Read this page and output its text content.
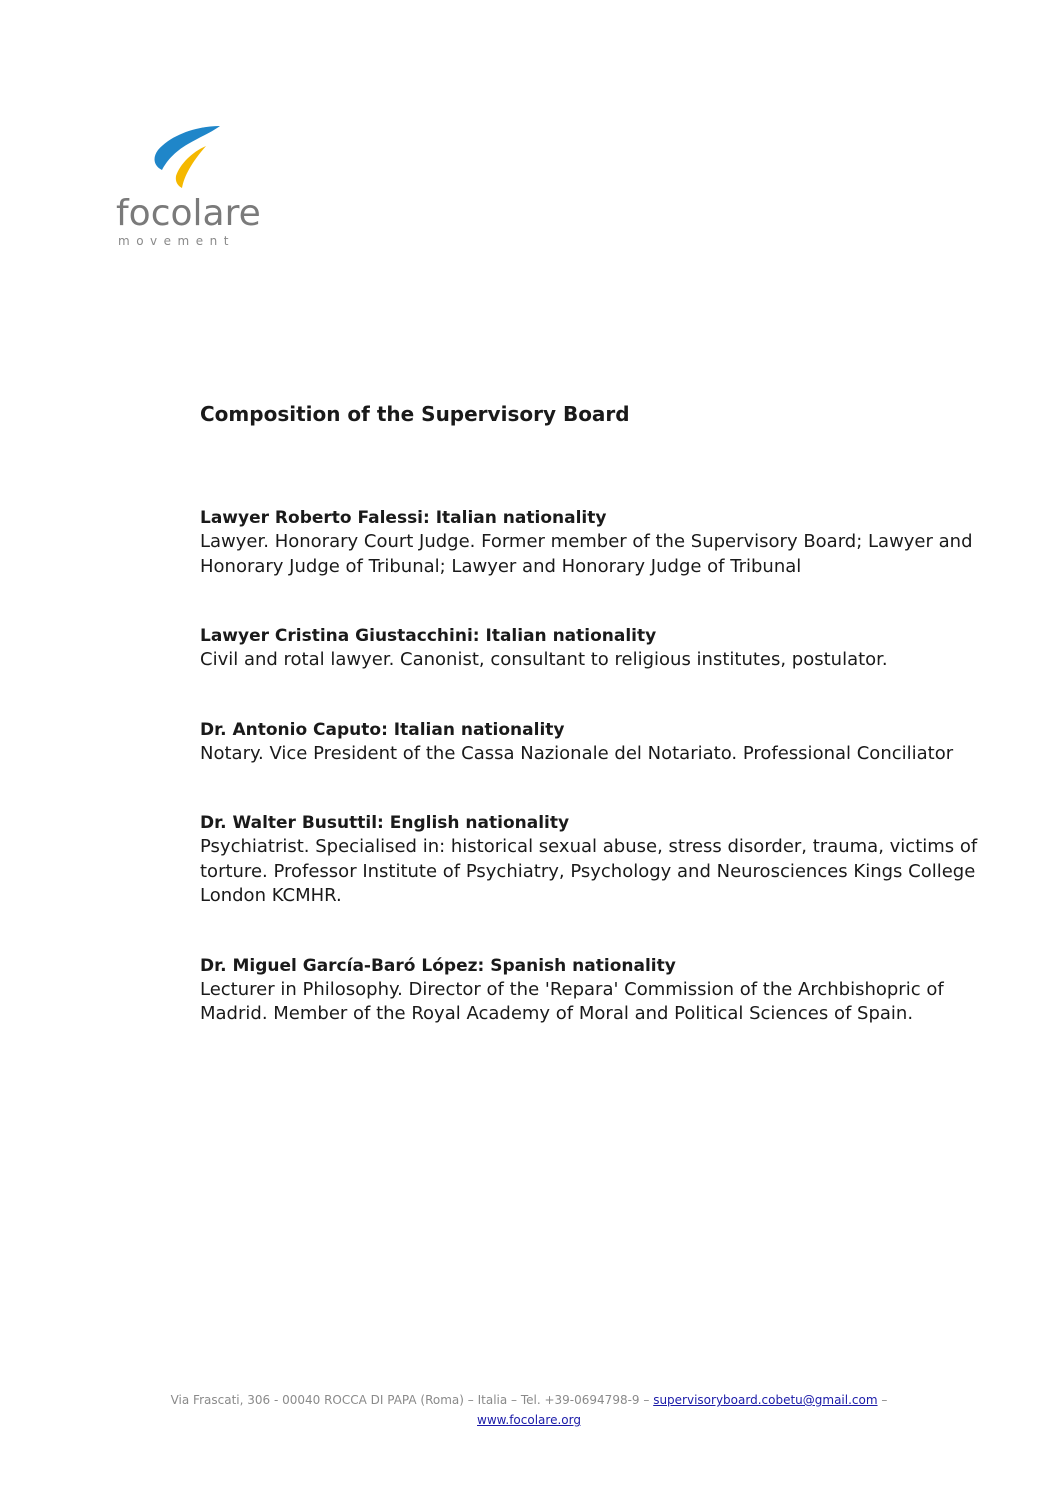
focolare
movement
Composition of the Supervisory Board

Lawyer Roberto Falessi: Italian nationality

Lawyer. Honorary Court Judge. Former member of the Supervisory Board; Lawyer and Honorary Judge of Tribunal; Lawyer and Honorary Judge of Tribunal

Lawyer Cristina Giustacchini: Italian nationality

Civil and rotal lawyer. Canonist, consultant to religious institutes, postulator.

Dr. Antonio Caputo: Italian nationality

Notary. Vice President of the Cassa Nazionale del Notariato. Professional Conciliator

Dr. Walter Busuttil: English nationality

Psychiatrist. Specialised in: historical sexual abuse, stress disorder, trauma, victims of torture. Professor Institute of Psychiatry, Psychology and Neurosciences Kings College London KCMHR.

Dr. Miguel García-Baró López: Spanish nationality

Lecturer in Philosophy. Director of the 'Repara' Commission of the Archbishopric of Madrid. Member of the Royal Academy of Moral and Political Sciences of Spain.

Via Frascati, 306 - 00040 ROCCA DI PAPA (Roma) – Italia – Tel. +39-0694798-9 – supervisoryboard.cobetu@gmail.com –
www.focolare.org
